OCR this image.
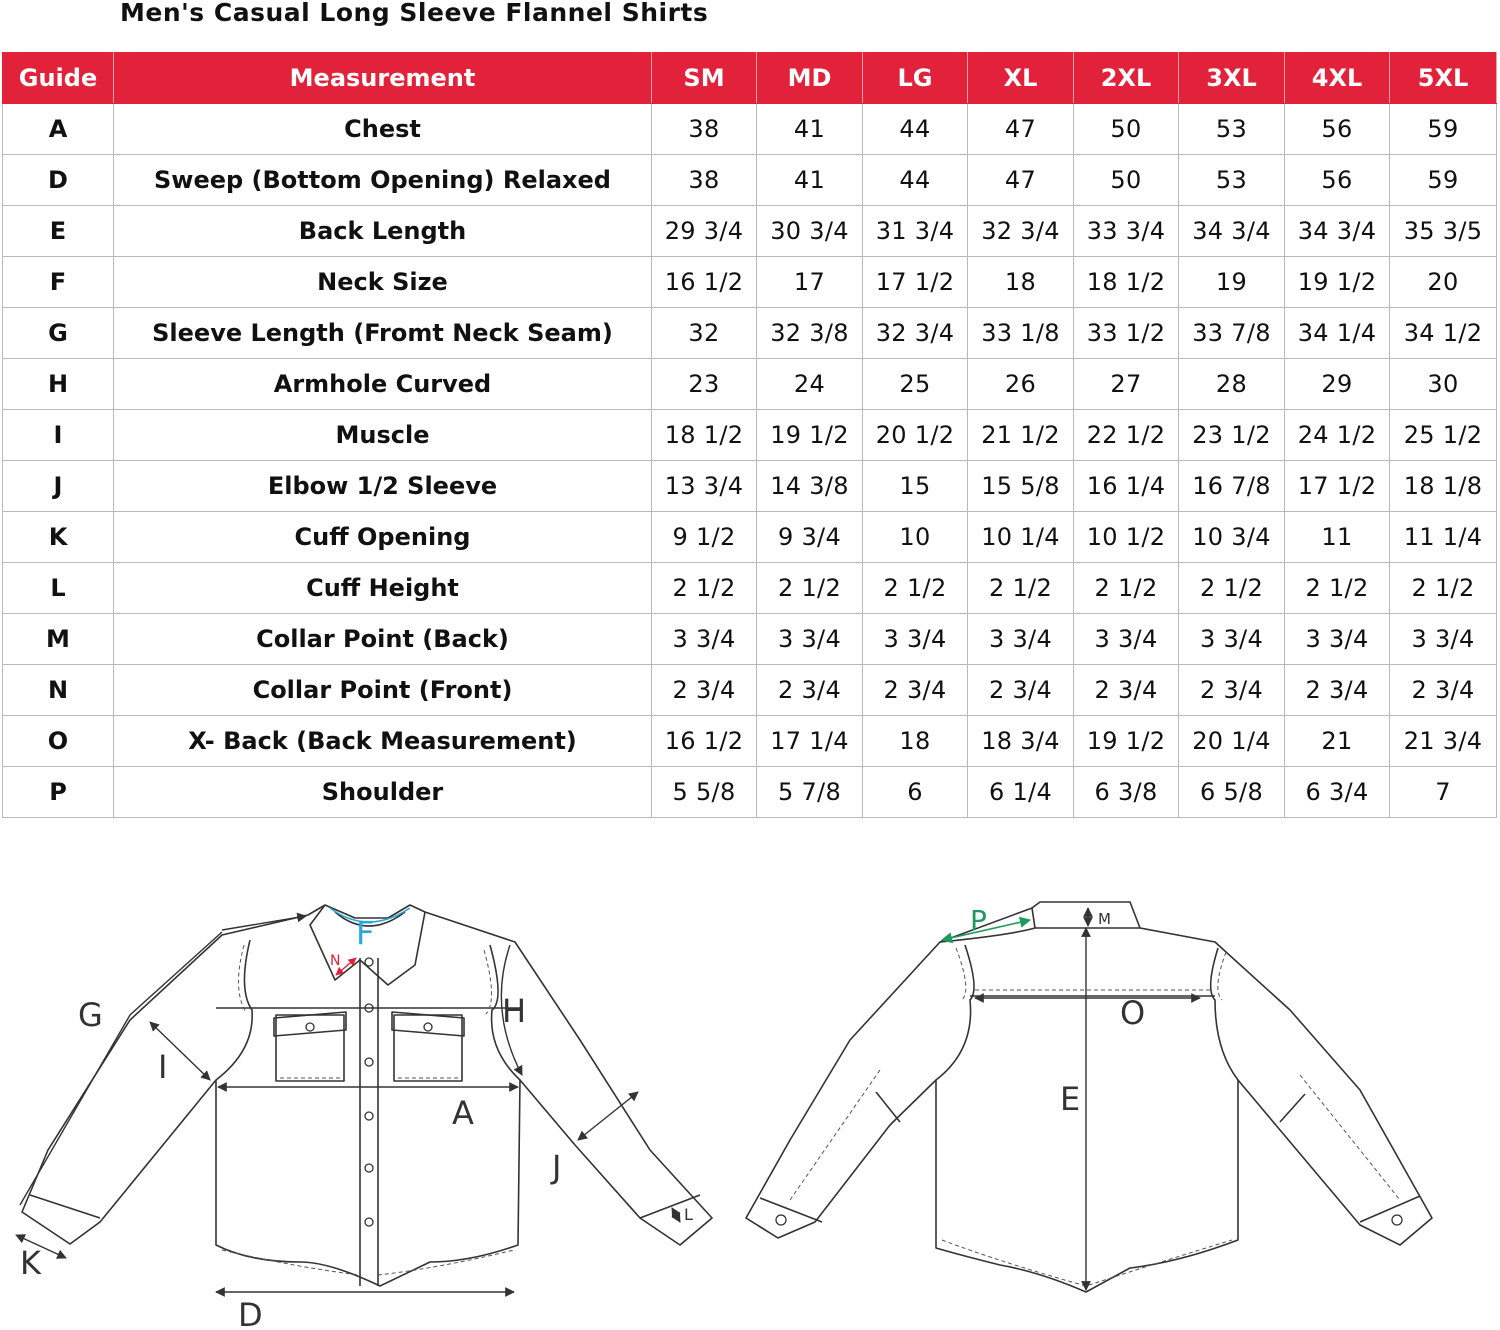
Men's Casual Long Sleeve Flannel Shirts
Guide	Measurement	SM	MD	LG	XL	2XL	3XL	4XL	5XL
A	Chest	38	41	44	47	50	53	56	59
D	Sweep (Bottom Opening) Relaxed	38	41	44	47	50	53	56	59
E	Back Length	29 3/4	30 3/4	31 3/4	32 3/4	33 3/4	34 3/4	34 3/4	35 3/5
F	Neck Size	16 1/2	17	17 1/2	18	18 1/2	19	19 1/2	20
G	Sleeve Length (Fromt Neck Seam)	32	32 3/8	32 3/4	33 1/8	33 1/2	33 7/8	34 1/4	34 1/2
H	Armhole Curved	23	24	25	26	27	28	29	30
I	Muscle	18 1/2	19 1/2	20 1/2	21 1/2	22 1/2	23 1/2	24 1/2	25 1/2
J	Elbow 1/2 Sleeve	13 3/4	14 3/8	15	15 5/8	16 1/4	16 7/8	17 1/2	18 1/8
K	Cuff Opening	9 1/2	9 3/4	10	10 1/4	10 1/2	10 3/4	11	11 1/4
L	Cuff Height	2 1/2	2 1/2	2 1/2	2 1/2	2 1/2	2 1/2	2 1/2	2 1/2
M	Collar Point (Back)	3 3/4	3 3/4	3 3/4	3 3/4	3 3/4	3 3/4	3 3/4	3 3/4
N	Collar Point (Front)	2 3/4	2 3/4	2 3/4	2 3/4	2 3/4	2 3/4	2 3/4	2 3/4
O	X- Back (Back Measurement)	16 1/2	17 1/4	18	18 3/4	19 1/2	20 1/4	21	21 3/4
P	Shoulder	5 5/8	5 7/8	6	6 1/4	6 3/8	6 5/8	6 3/4	7
G
I
K
D
A
H
J
F
N
L
P	M
O
E
